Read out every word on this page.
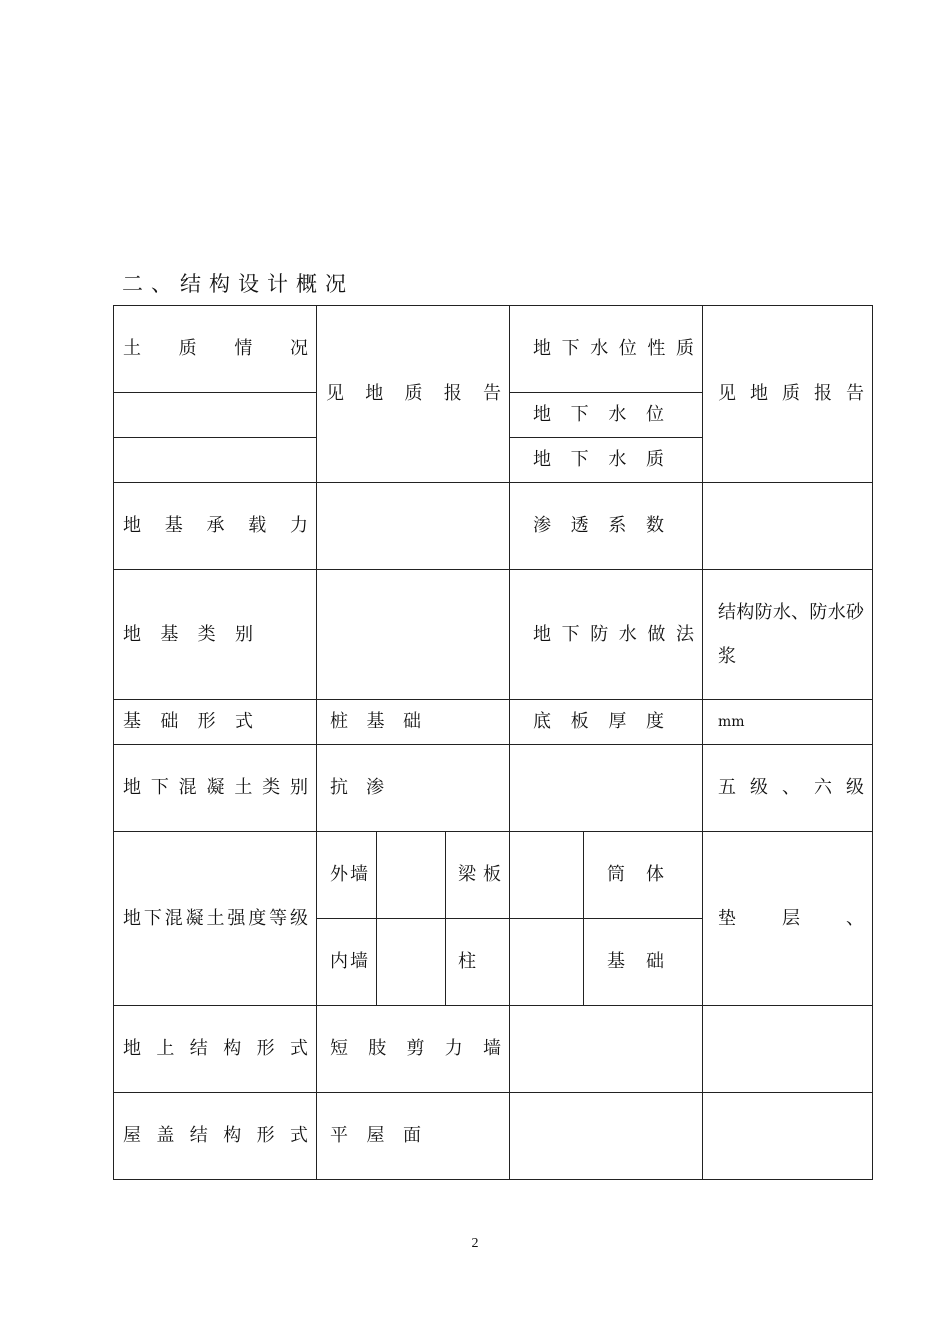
二、结构设计概况
土质情况	见地质报告			地下水位性质		见地质报告
				地下水位		
				地下水质		
地基承载力				渗透系数		
地基类别				地下防水做法		结构防水、防水砂浆
基础形式	桩基础			底板厚度		mm
地下混凝土类别	抗渗					五级、六级
地下混凝土强度等级	外墙		梁板		筒体	垫层、
	内墙		柱		基础	
地上结构形式	短肢剪力墙					
屋盖结构形式	平屋面					
2
